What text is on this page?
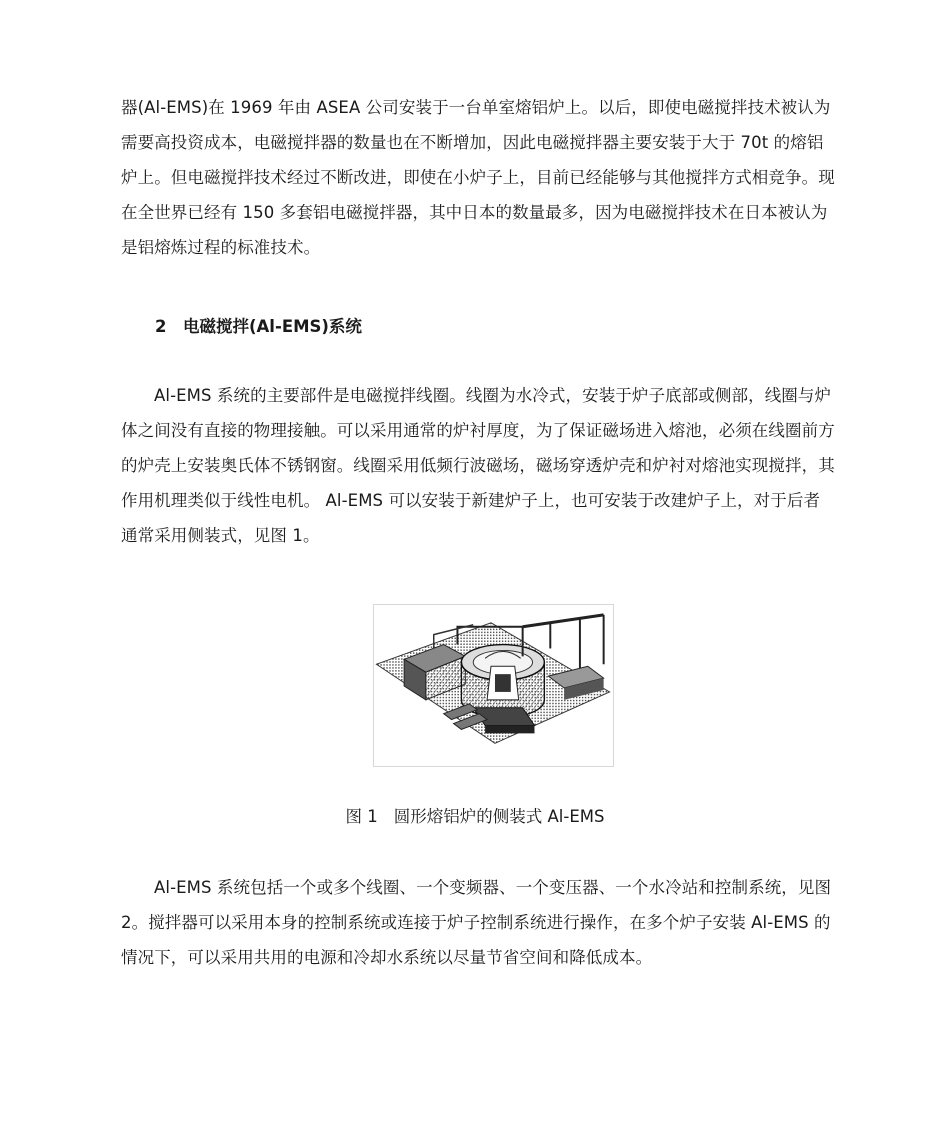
器(Al-EMS)在 1969 年由 ASEA 公司安装于一台单室熔铝炉上。以后，即使电磁搅拌技术被认为需要高投资成本，电磁搅拌器的数量也在不断增加，因此电磁搅拌器主要安装于大于 70t 的熔铝炉上。但电磁搅拌技术经过不断改进，即使在小炉子上，目前已经能够与其他搅拌方式相竞争。现在全世界已经有 150 多套铝电磁搅拌器，其中日本的数量最多，因为电磁搅拌技术在日本被认为是铝熔炼过程的标准技术。

2 电磁搅拌(Al-EMS)系统

Al-EMS 系统的主要部件是电磁搅拌线圈。线圈为水冷式，安装于炉子底部或侧部，线圈与炉体之间没有直接的物理接触。可以采用通常的炉衬厚度，为了保证磁场进入熔池，必须在线圈前方的炉壳上安装奥氏体不锈钢窗。线圈采用低频行波磁场，磁场穿透炉壳和炉衬对熔池实现搅拌，其作用机理类似于线性电机。 Al-EMS 可以安装于新建炉子上，也可安装于改建炉子上，对于后者通常采用侧装式，见图 1。

图 1 圆形熔铝炉的侧装式 Al-EMS

Al-EMS 系统包括一个或多个线圈、一个变频器、一个变压器、一个水冷站和控制系统，见图 2。搅拌器可以采用本身的控制系统或连接于炉子控制系统进行操作，在多个炉子安装 Al-EMS 的情况下，可以采用共用的电源和冷却水系统以尽量节省空间和降低成本。
